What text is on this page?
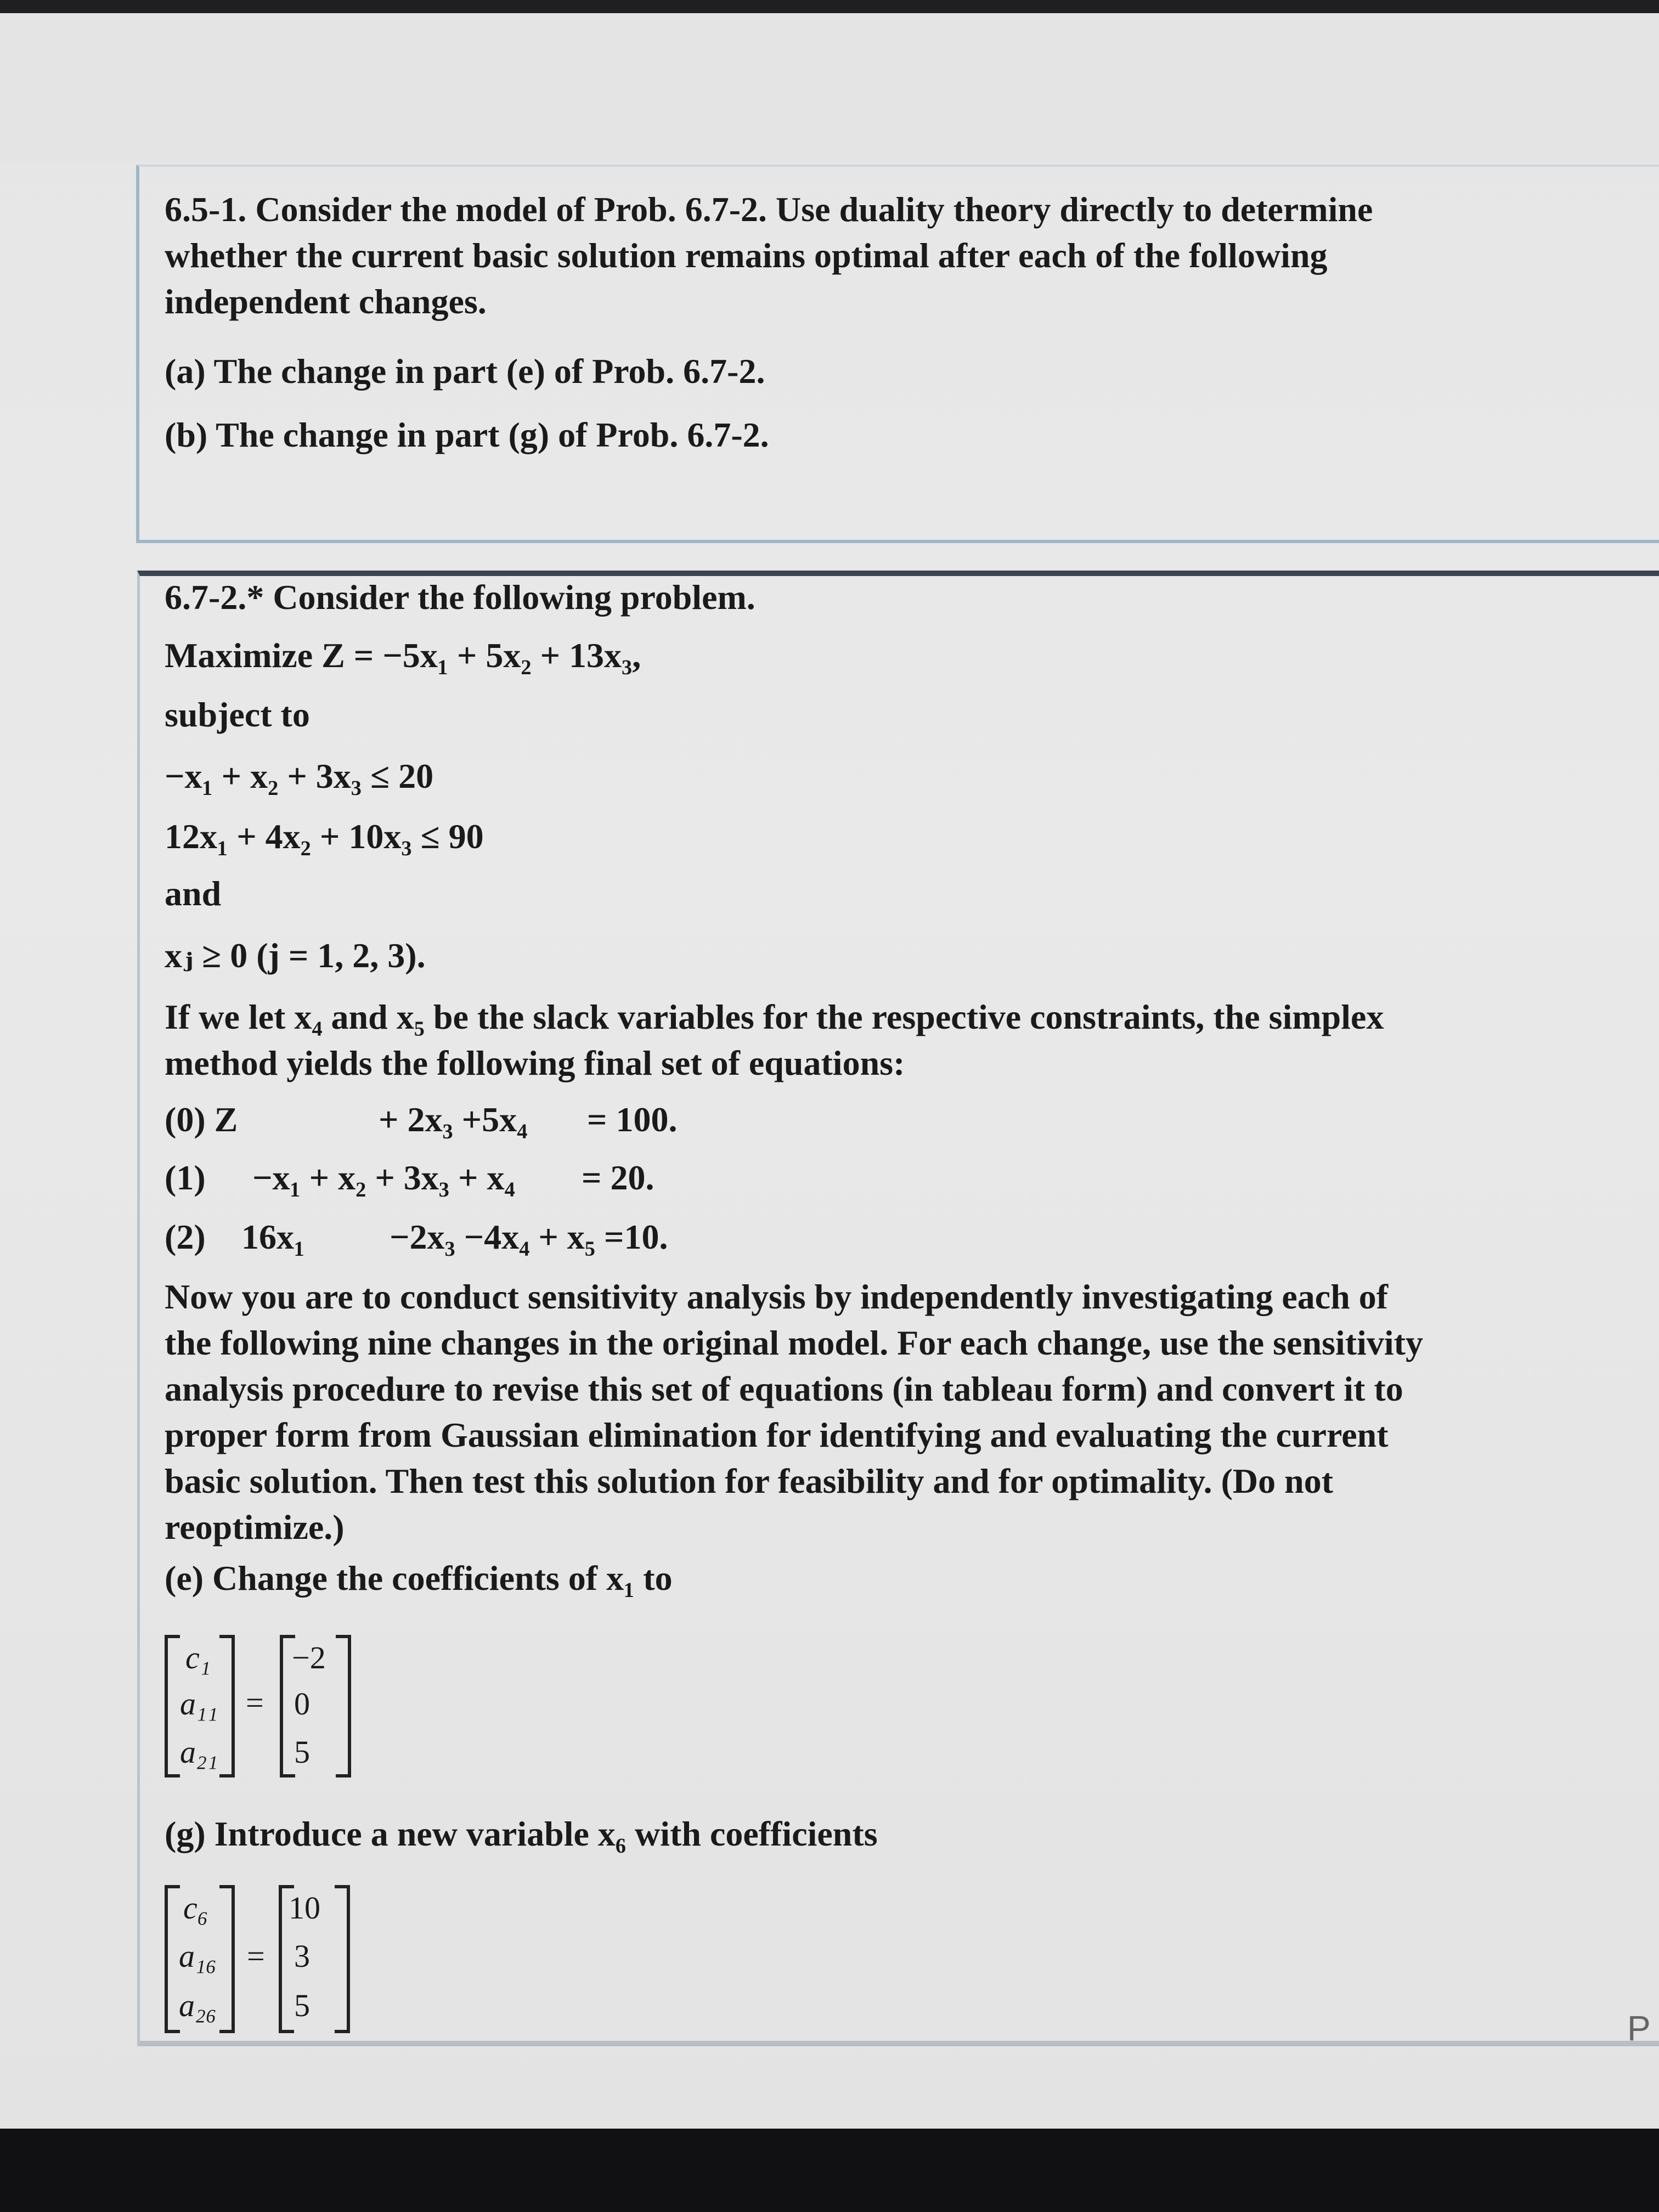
6.5-1. Consider the model of Prob. 6.7-2. Use duality theory directly to determine
whether the current basic solution remains optimal after each of the following
independent changes.
(a) The change in part (e) of Prob. 6.7-2.
(b) The change in part (g) of Prob. 6.7-2.
6.7-2.* Consider the following problem.
Maximize Z = −5x₁ + 5x₂ + 13x₃,
subject to
−x₁ + x₂ + 3x₃ ≤ 20
12x₁ + 4x₂ + 10x₃ ≤ 90
and
xⱼ ≥ 0 (j = 1, 2, 3).
If we let x₄ and x₅ be the slack variables for the respective constraints, the simplex
method yields the following final set of equations:
(0) Z	+ 2x₃ +5x₄ = 100.
(1) −x₁ + x₂ + 3x₃ + x₄ = 20.
(2) 16x₁ −2x₃ −4x₄ + x₅ =10.
Now you are to conduct sensitivity analysis by independently investigating each of
the following nine changes in the original model. For each change, use the sensitivity
analysis procedure to revise this set of equations (in tableau form) and convert it to
proper form from Gaussian elimination for identifying and evaluating the current
basic solution. Then test this solution for feasibility and for optimality. (Do not
reoptimize.)
(e) Change the coefficients of x₁ to
c₁
a₁₁
a₂₁
=
−2
0
5
(g) Introduce a new variable x₆ with coefficients
c₆
a₁₆
a₂₆
=
10
3
5
P
